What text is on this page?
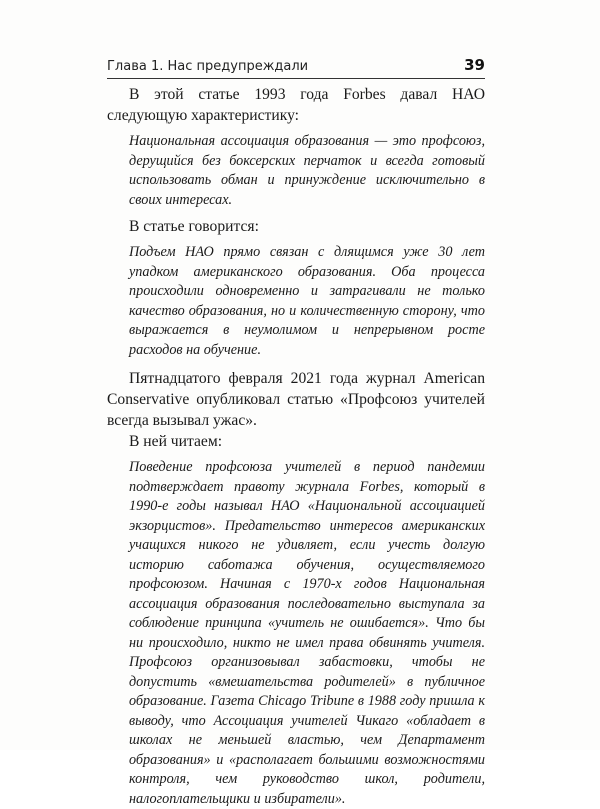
Глава 1. Нас предупреждали	39

В этой статье 1993 года Forbes давал НАО следующую характеристику:

Национальная ассоциация образования — это профсоюз, дерущийся без боксерских перчаток и всегда готовый использовать обман и принуждение исключительно в своих интересах.

В статье говорится:

Подъем НАО прямо связан с длящимся уже 30 лет упадком американского образования. Оба процесса происходили одновременно и затрагивали не только качество образования, но и количественную сторону, что выражается в неумолимом и непрерывном росте расходов на обучение.

Пятнадцатого февраля 2021 года журнал American Conservative опубликовал статью «Профсоюз учителей всегда вызывал ужас».

В ней читаем:

Поведение профсоюза учителей в период пандемии подтверждает правоту журнала Forbes, который в 1990-е годы называл НАО «Национальной ассоциацией экзорцистов». Предательство интересов американских учащихся никого не удивляет, если учесть долгую историю саботажа обучения, осуществляемого профсоюзом. Начиная с 1970-х годов Национальная ассоциация образования последовательно выступала за соблюдение принципа «учитель не ошибается». Что бы ни происходило, никто не имел права обвинять учителя. Профсоюз организовывал забастовки, чтобы не допустить «вмешательства родителей» в публичное образование. Газета Chicago Tribune в 1988 году пришла к выводу, что Ассоциация учителей Чикаго «обладает в школах не меньшей властью, чем Департамент образования» и «располагает большими возможностями контроля, чем руководство школ, родители, налогоплательщики и избиратели».
